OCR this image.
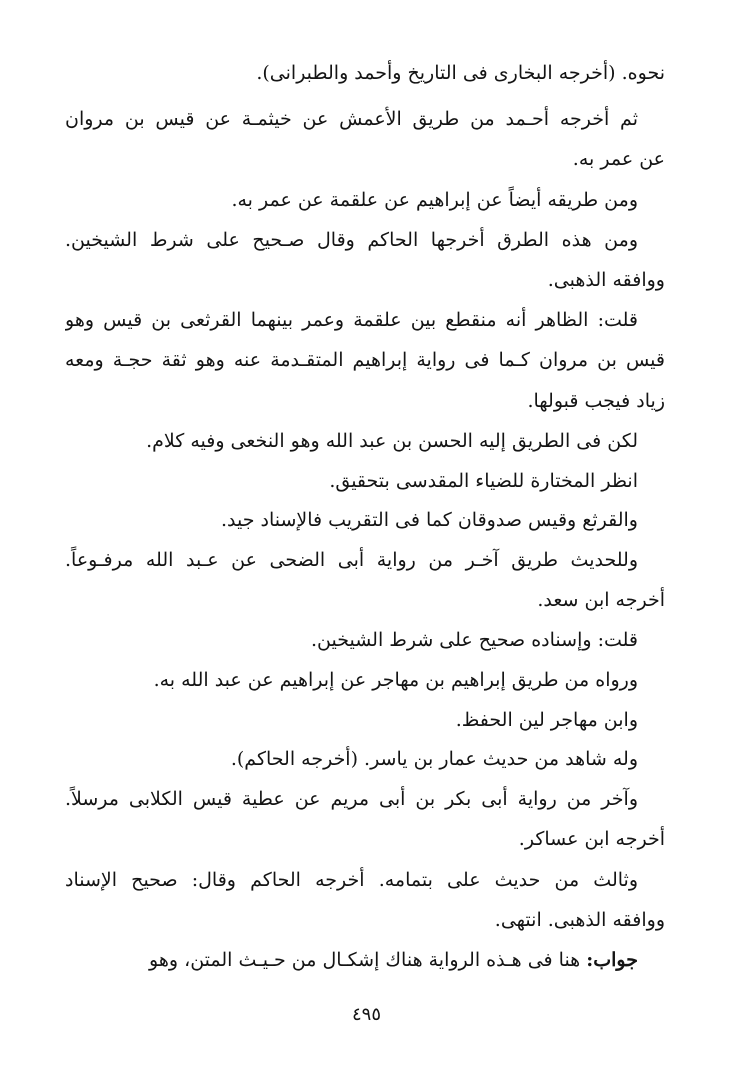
نحوه. (أخرجه البخارى فى التاريخ وأحمد والطبرانى).
ثم أخرجه أحـمد من طريق الأعمش عن خيثمـة عن قيس بن مروان
عن عمر به.
ومن طريقه أيضاً عن إبراهيم عن علقمة عن عمر به.
ومن هذه الطرق أخرجها الحاكم وقال صـحيح على شرط الشيخين.
ووافقه الذهبى.
قلت: الظاهر أنه منقطع بين علقمة وعمر بينهما القرثعى بن قيس وهو
قيس بن مروان كـما فى رواية إبراهيم المتقـدمة عنه وهو ثقة حجـة ومعه
زياد فيجب قبولها.
لكن فى الطريق إليه الحسن بن عبد الله وهو النخعى وفيه كلام.
انظر المختارة للضياء المقدسى بتحقيق.
والقرثع وقيس صدوقان كما فى التقريب فالإسناد جيد.
وللحديث طريق آخـر من رواية أبى الضحى عن عـبد الله مرفـوعاً.
أخرجه ابن سعد.
قلت: وإسناده صحيح على شرط الشيخين.
ورواه من طريق إبراهيم بن مهاجر عن إبراهيم عن عبد الله به.
وابن مهاجر لين الحفظ.
وله شاهد من حديث عمار بن ياسر. (أخرجه الحاكم).
وآخر من رواية أبى بكر بن أبى مريم عن عطية قيس الكلابى مرسلاً.
أخرجه ابن عساكر.
وثالث من حديث على بتمامه. أخرجه الحاكم وقال: صحيح الإسناد
ووافقه الذهبى. انتهى.
جواب: هنا فى هـذه الرواية هناك إشكـال من حـيـث المتن، وهو
٤٩٥
